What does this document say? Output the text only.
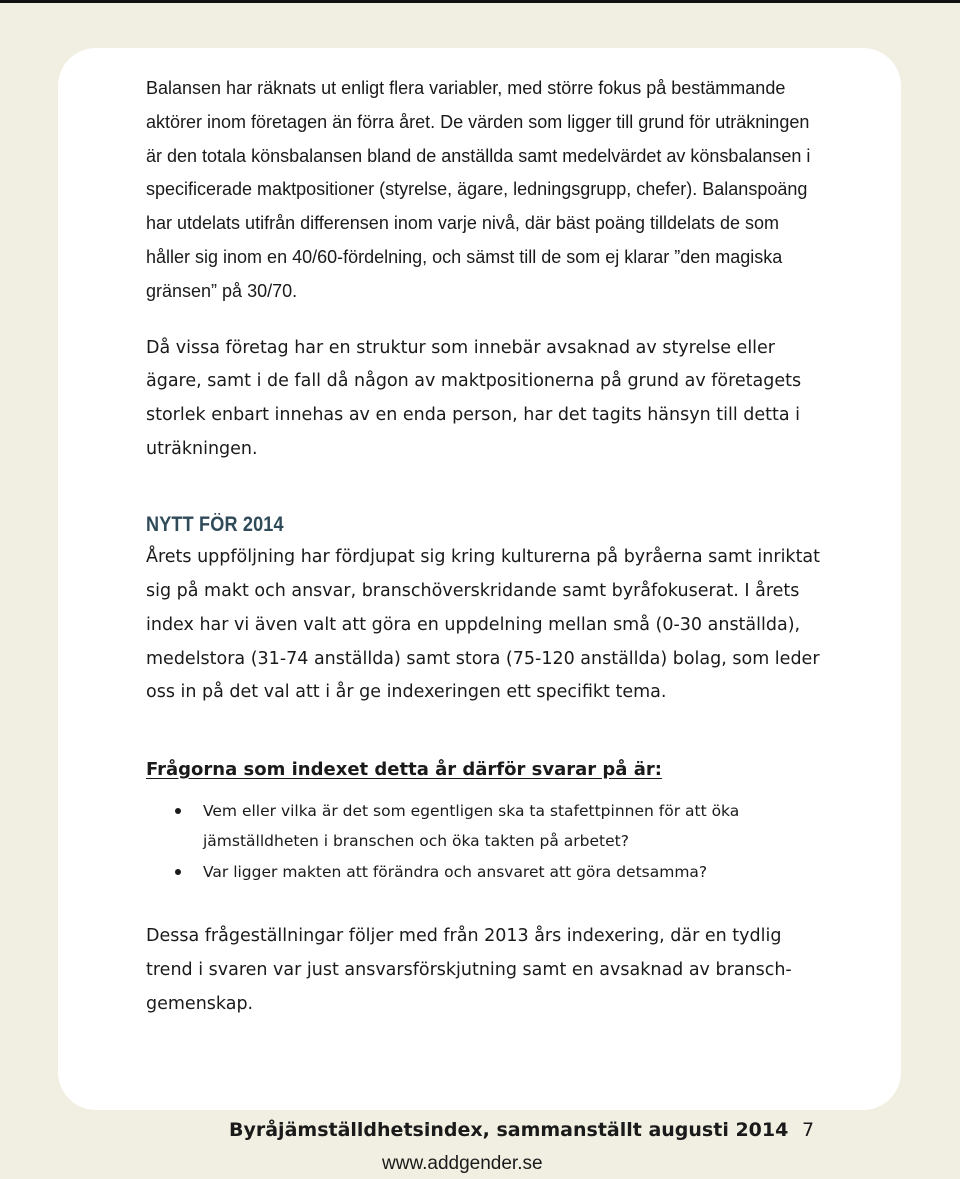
Balansen har räknats ut enligt flera variabler, med större fokus på bestämmande aktörer inom företagen än förra året. De värden som ligger till grund för uträkningen är den totala könsbalansen bland de anställda samt medelvärdet av könsbalansen i specificerade maktpositioner (styrelse, ägare, ledningsgrupp, chefer). Balanspoäng har utdelats utifrån differensen inom varje nivå, där bäst poäng tilldelats de som håller sig inom en 40/60-fördelning, och sämst till de som ej klarar ”den magiska gränsen” på 30/70.

Då vissa företag har en struktur som innebär avsaknad av styrelse eller ägare, samt i de fall då någon av maktpositionerna på grund av företagets storlek enbart innehas av en enda person, har det tagits hänsyn till detta i uträkningen.

NYTT FÖR 2014

Årets uppföljning har fördjupat sig kring kulturerna på byråerna samt inriktat sig på makt och ansvar, branschöverskridande samt byråfokuserat. I årets index har vi även valt att göra en uppdelning mellan små (0-30 anställda), medelstora (31-74 anställda) samt stora (75-120 anställda) bolag, som leder oss in på det val att i år ge indexeringen ett specifikt tema.

Frågorna som indexet detta år därför svarar på är:
Vem eller vilka är det som egentligen ska ta stafettpinnen för att öka jämställdheten i branschen och öka takten på arbetet?
Var ligger makten att förändra och ansvaret att göra detsamma?

Dessa frågeställningar följer med från 2013 års indexering, där en tydlig trend i svaren var just ansvarsförskjutning samt en avsaknad av bransch-gemenskap.

Byråjämställdhetsindex, sammanställt augusti 2014 7
www.addgender.se
